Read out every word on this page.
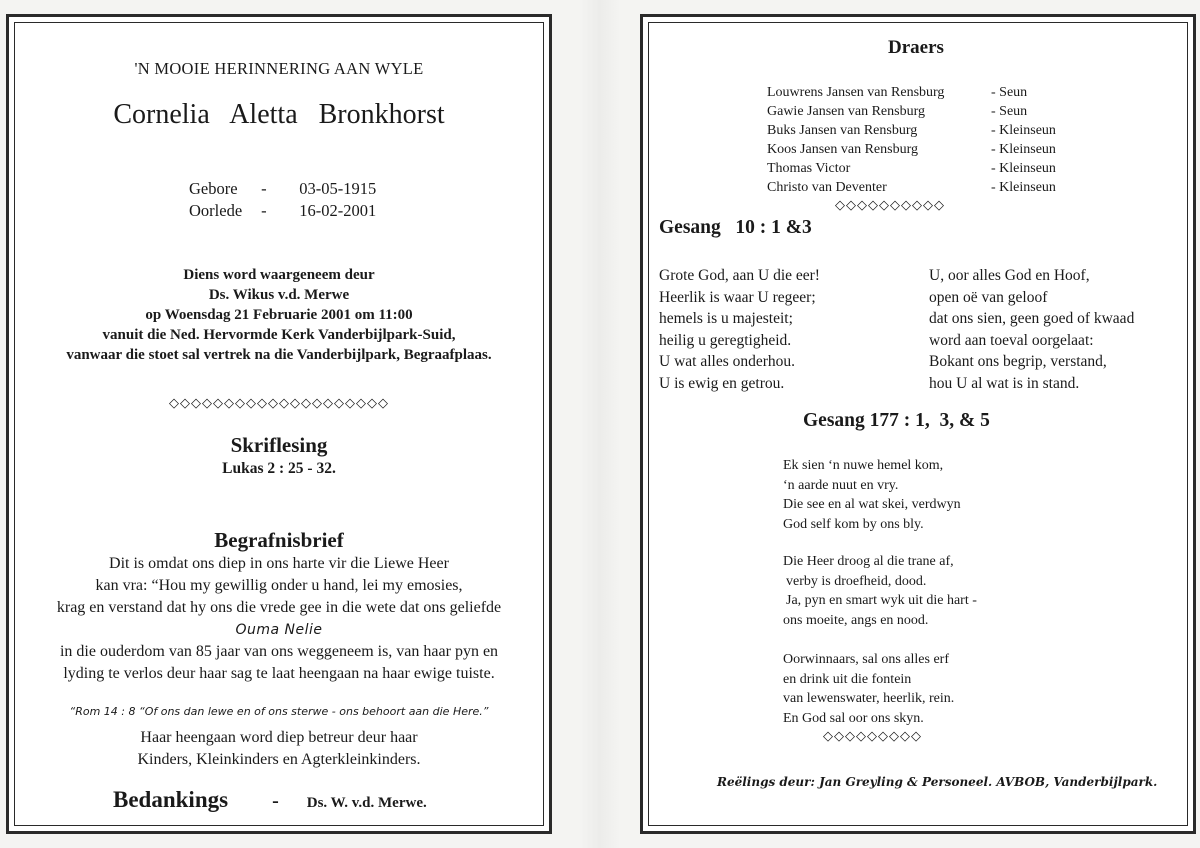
'N MOOIE HERINNERING AAN WYLE
Cornelia   Aletta   Bronkhorst
Gebore - 03-05-1915
Oorlede - 16-02-2001
Diens word waargeneem deur
Ds. Wikus v.d. Merwe
op Woensdag 21 Februarie 2001 om 11:00
vanuit die Ned. Hervormde Kerk Vanderbijlpark-Suid,
vanwaar die stoet sal vertrek na die Vanderbijlpark, Begraafplaas.
◇◇◇◇◇◇◇◇◇◇◇◇◇◇◇◇◇◇◇◇
Skriflesing
Lukas 2 : 25 - 32.
Begrafnisbrief
Dit is omdat ons diep in ons harte vir die Liewe Heer
kan vra: “Hou my gewillig onder u hand, lei my emosies,
krag en verstand dat hy ons die vrede gee in die wete dat ons geliefde
Ouma Nelie
in die ouderdom van 85 jaar van ons weggeneem is, van haar pyn en
lyding te verlos deur haar sag te laat heengaan na haar ewige tuiste.
“Rom 14 : 8 “Of ons dan lewe en of ons sterwe - ons behoort aan die Here.”
Haar heengaan word diep betreur deur haar
Kinders, Kleinkinders en Agterkleinkinders.
Bedankings - Ds. W. v.d. Merwe.
Draers
Louwrens Jansen van Rensburg	- Seun
Gawie Jansen van Rensburg	- Seun
Buks Jansen van Rensburg	- Kleinseun
Koos Jansen van Rensburg	- Kleinseun
Thomas Victor	- Kleinseun
Christo van Deventer	- Kleinseun
◇◇◇◇◇◇◇◇◇◇
Gesang   10 : 1 &3
Grote God, aan U die eer!
Heerlik is waar U regeer;
hemels is u majesteit;
heilig u geregtigheid.
U wat alles onderhou.
U is ewig en getrou.
U, oor alles God en Hoof,
open oë van geloof
dat ons sien, geen goed of kwaad
word aan toeval oorgelaat:
Bokant ons begrip, verstand,
hou U al wat is in stand.
Gesang 177 : 1,  3, & 5
Ek sien ‘n nuwe hemel kom,
‘n aarde nuut en vry.
Die see en al wat skei, verdwyn
God self kom by ons bly.
Die Heer droog al die trane af,
verby is droefheid, dood.
Ja, pyn en smart wyk uit die hart -
ons moeite, angs en nood.
Oorwinnaars, sal ons alles erf
en drink uit die fontein
van lewenswater, heerlik, rein.
En God sal oor ons skyn.
◇◇◇◇◇◇◇◇◇
Reëlings deur: Jan Greyling & Personeel. AVBOB, Vanderbijlpark.
